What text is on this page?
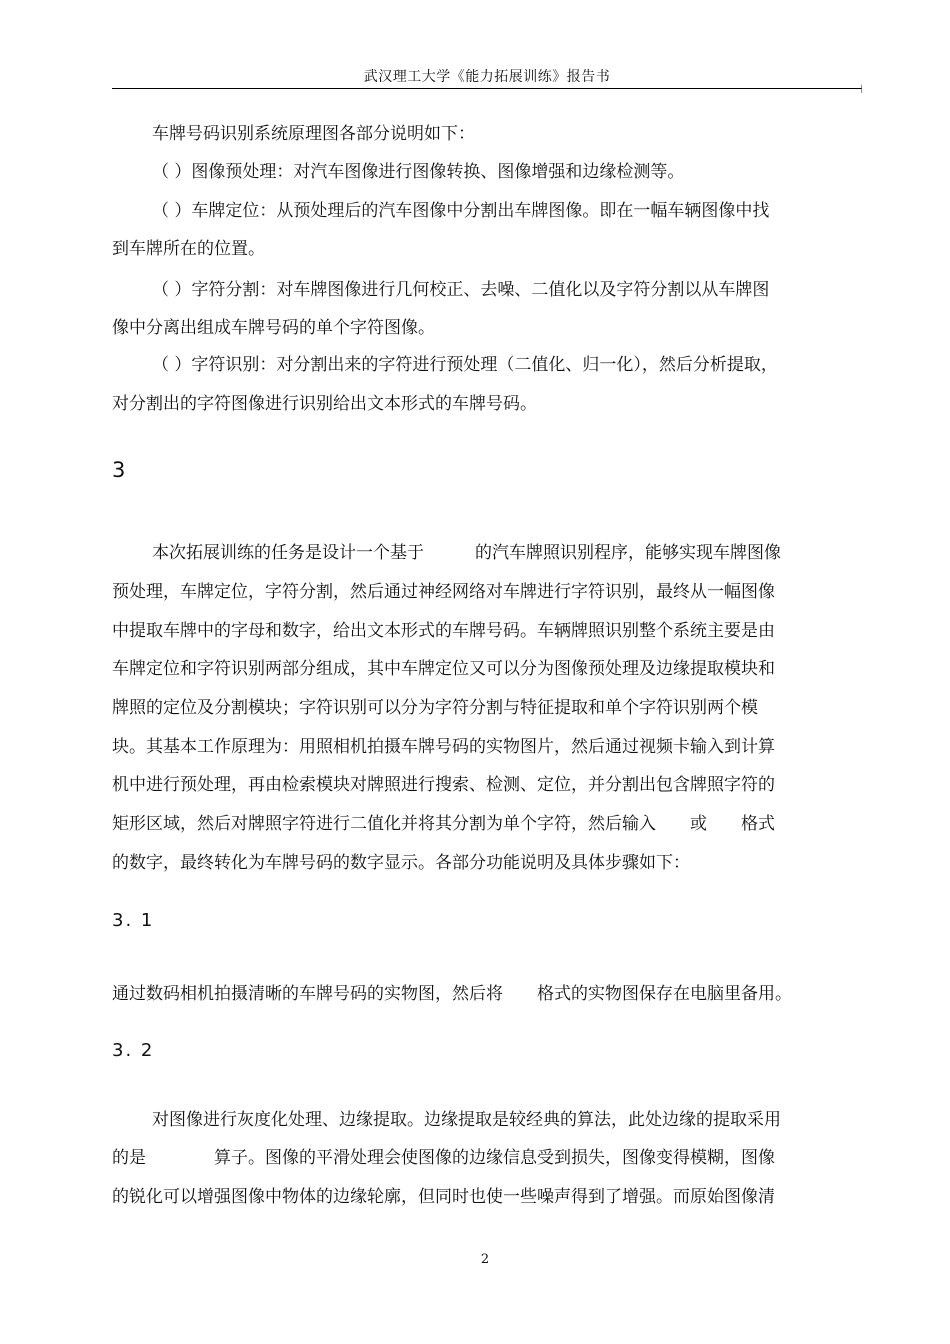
武汉理工大学《能力拓展训练》报告书
|
车牌号码识别系统原理图各部分说明如下：
（ ）图像预处理：对汽车图像进行图像转换、图像增强和边缘检测等。
（ ）车牌定位：从预处理后的汽车图像中分割出车牌图像。即在一幅车辆图像中找
到车牌所在的位置。
（ ）字符分割：对车牌图像进行几何校正、去噪、二值化以及字符分割以从车牌图
像中分离出组成车牌号码的单个字符图像。
（ ）字符识别：对分割出来的字符进行预处理（二值化、归一化），然后分析提取，
对分割出的字符图像进行识别给出文本形式的车牌号码。
3
本次拓展训练的任务是设计一个基于　　　的汽车牌照识别程序，能够实现车牌图像
预处理，车牌定位，字符分割，然后通过神经网络对车牌进行字符识别，最终从一幅图像
中提取车牌中的字母和数字，给出文本形式的车牌号码。车辆牌照识别整个系统主要是由
车牌定位和字符识别两部分组成，其中车牌定位又可以分为图像预处理及边缘提取模块和
牌照的定位及分割模块；字符识别可以分为字符分割与特征提取和单个字符识别两个模
块。其基本工作原理为：用照相机拍摄车牌号码的实物图片，然后通过视频卡输入到计算
机中进行预处理，再由检索模块对牌照进行搜索、检测、定位，并分割出包含牌照字符的
矩形区域，然后对牌照字符进行二值化并将其分割为单个字符，然后输入　　或　　格式
的数字，最终转化为车牌号码的数字显示。各部分功能说明及具体步骤如下：
3. 1
通过数码相机拍摄清晰的车牌号码的实物图，然后将　　格式的实物图保存在电脑里备用。
3. 2
对图像进行灰度化处理、边缘提取。边缘提取是较经典的算法，此处边缘的提取采用
的是　　　　算子。图像的平滑处理会使图像的边缘信息受到损失，图像变得模糊，图像
的锐化可以增强图像中物体的边缘轮廓，但同时也使一些噪声得到了增强。而原始图像清
2
